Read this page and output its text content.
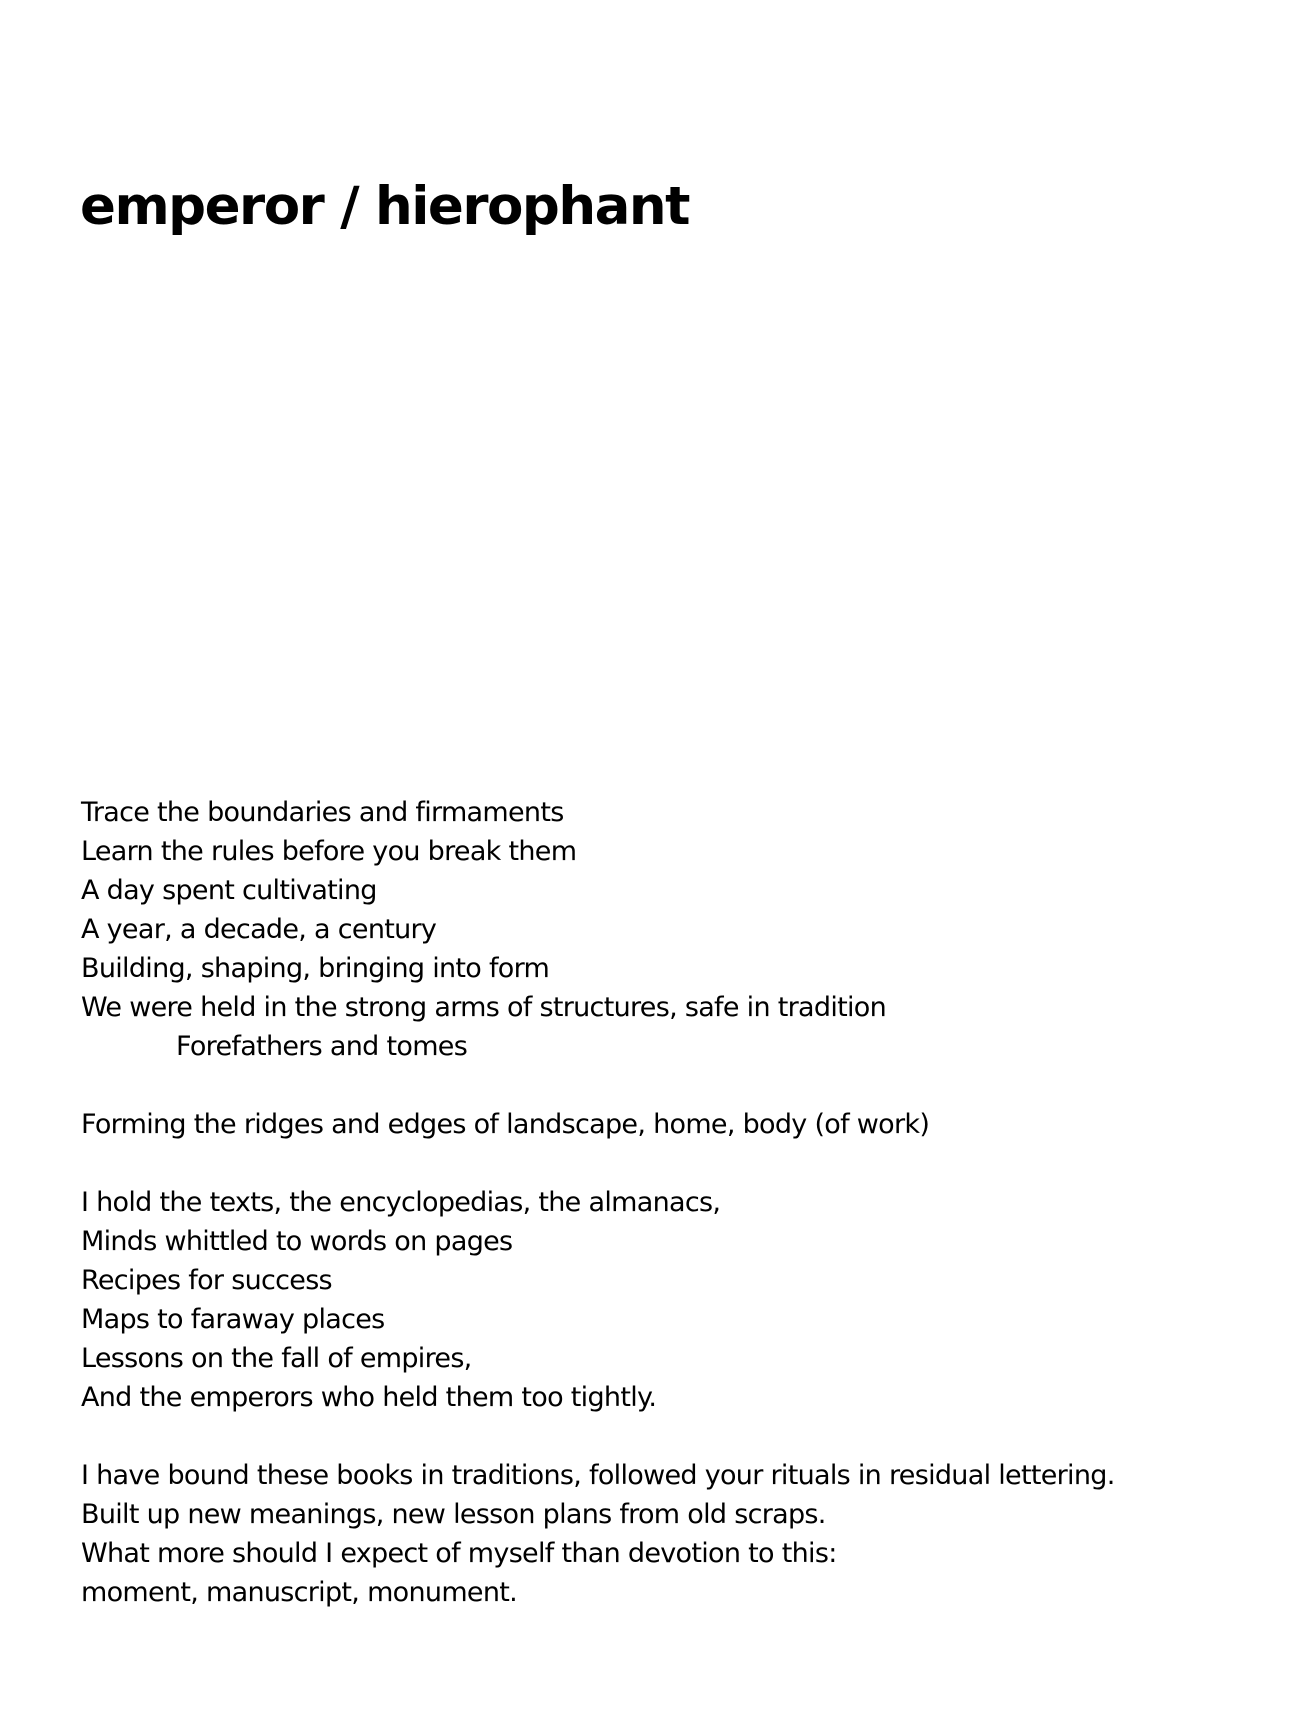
emperor / hierophant
Trace the boundaries and firmaments
Learn the rules before you break them
A day spent cultivating
A year, a decade, a century
Building, shaping, bringing into form
We were held in the strong arms of structures, safe in tradition
Forefathers and tomes
Forming the ridges and edges of landscape, home, body (of work)
I hold the texts, the encyclopedias, the almanacs,
Minds whittled to words on pages
Recipes for success
Maps to faraway places
Lessons on the fall of empires,
And the emperors who held them too tightly.
I have bound these books in traditions, followed your rituals in residual lettering.
Built up new meanings, new lesson plans from old scraps.
What more should I expect of myself than devotion to this:
moment, manuscript, monument.
